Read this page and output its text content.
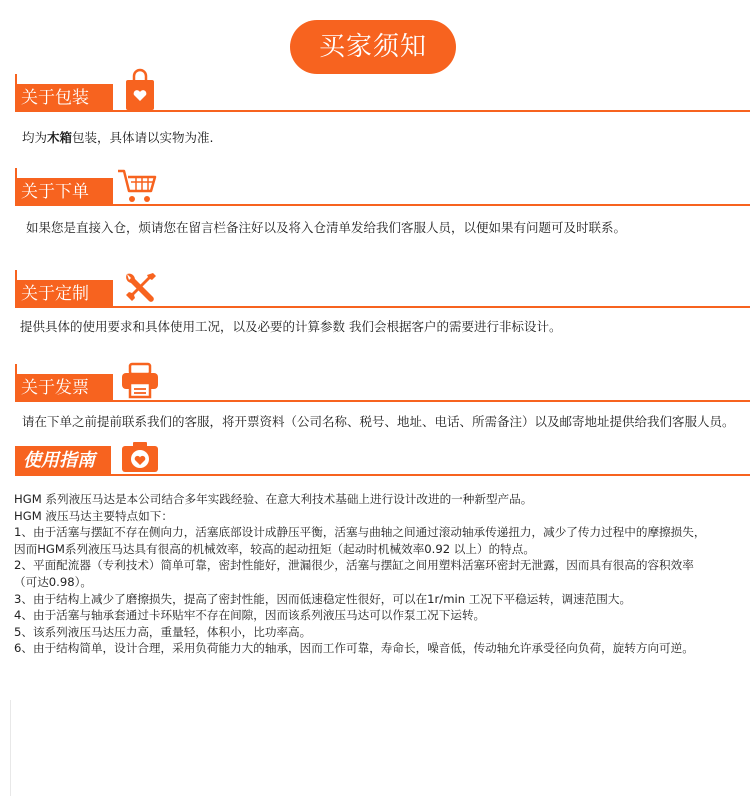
买家须知
关于包装
均为木箱包装，具体请以实物为准.
关于下单
如果您是直接入仓，烦请您在留言栏备注好以及将入仓清单发给我们客服人员，以便如果有问题可及时联系。
关于定制
提供具体的使用要求和具体使用工况，以及必要的计算参数 我们会根据客户的需要进行非标设计。
关于发票
请在下单之前提前联系我们的客服，将开票资料（公司名称、税号、地址、电话、所需备注）以及邮寄地址提供给我们客服人员。
使用指南
HGM 系列液压马达是本公司结合多年实践经验、在意大利技术基础上进行设计改进的一种新型产品。
HGM 液压马达主要特点如下：
1、由于活塞与摆缸不存在侧向力，活塞底部设计成静压平衡，活塞与曲轴之间通过滚动轴承传递扭力，减少了传力过程中的摩擦损失，
因而HGM系列液压马达具有很高的机械效率，较高的起动扭矩（起动时机械效率0.92 以上）的特点。
2、平面配流器（专利技术）简单可靠，密封性能好，泄漏很少，活塞与摆缸之间用塑料活塞环密封无泄露，因而具有很高的容积效率
（可达0.98）。
3、由于结构上减少了磨擦损失，提高了密封性能，因而低速稳定性很好，可以在1r/min 工况下平稳运转，调速范围大。
4、由于活塞与轴承套通过卡环贴牢不存在间隙，因而该系列液压马达可以作泵工况下运转。
5、该系列液压马达压力高，重量轻，体积小，比功率高。
6、由于结构简单，设计合理，采用负荷能力大的轴承，因而工作可靠，寿命长，噪音低，传动轴允许承受径向负荷，旋转方向可逆。
